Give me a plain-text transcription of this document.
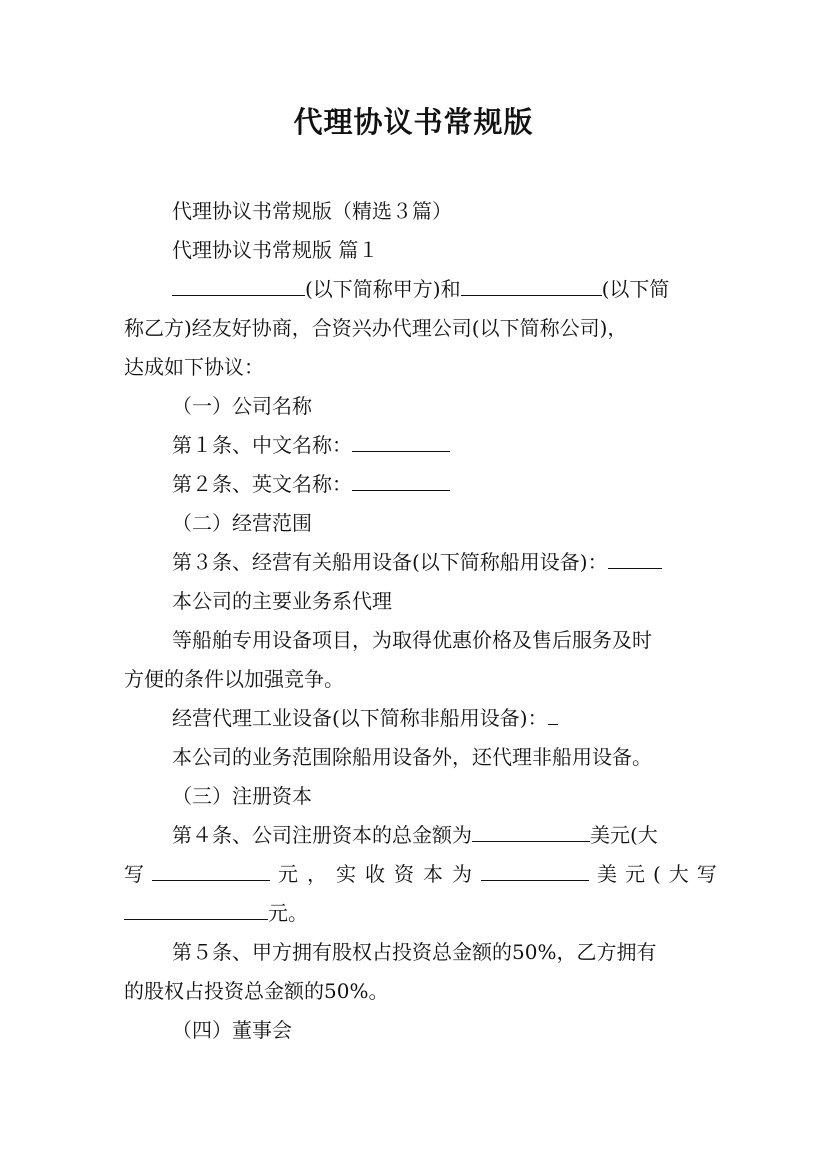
代理协议书常规版
代理协议书常规版（精选３篇）
代理协议书常规版 篇１
(以下简称甲方)和	(以下简
称乙方)经友好协商，合资兴办代理公司(以下简称公司)，
达成如下协议：
（一）公司名称
第１条、中文名称：
第２条、英文名称：
（二）经营范围
第３条、经营有关船用设备(以下简称船用设备)：
本公司的主要业务系代理
等船舶专用设备项目，为取得优惠价格及售后服务及时
方便的条件以加强竞争。
经营代理工业设备(以下简称非船用设备)：
本公司的业务范围除船用设备外，还代理非船用设备。
（三）注册资本
第４条、公司注册资本的总金额为	美元(大
写	元，实收资本为	美元(大写
元。
第５条、甲方拥有股权占投资总金额的50%，乙方拥有
的股权占投资总金额的50%。
（四）董事会
